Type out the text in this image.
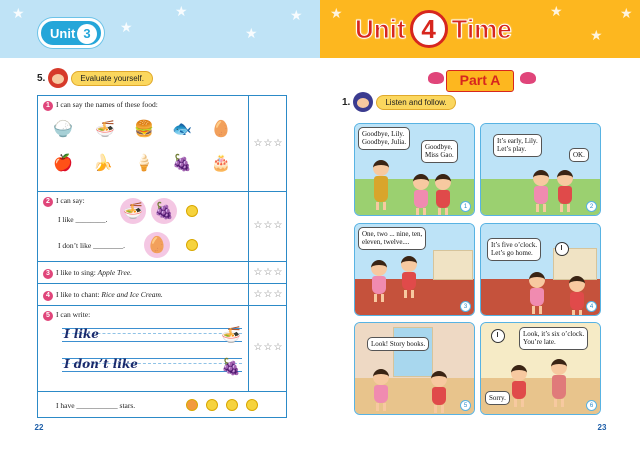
★
★
★
★
★
Unit 3
5.	Evaluate yourself.
1 I can say the names of these food:
🍚 🍜 🍔 🐟 🥚
🍎 🍌 🍦 🍇 🎂
☆☆☆
2 I can say:
I like ________.
I don’t like ________.
🍜 🍇
🥚
☆☆☆
3 I like to sing: Apple Tree.	☆☆☆
4 I like to chant: Rice and Ice Cream.	☆☆☆
5 I can write:
I like
I don’t like
🍜
🍇
☆☆☆
I have ___________ stars.
★ 22
★	★
★
★
Unit 4 Time
Part A
1.	Listen and follow.
Goodbye, Lily.
Goodbye, Julia.
Goodbye,
Miss Gao.
1
It’s early, Lily.
Let’s play.
OK.
2
One, two ... nine, ten,
eleven, twelve....
3
It’s five o’clock.
Let’s go home.
4
Look! Story books.
5
Look, it’s six o’clock.
You’re late.
Sorry.
6
★ 23
